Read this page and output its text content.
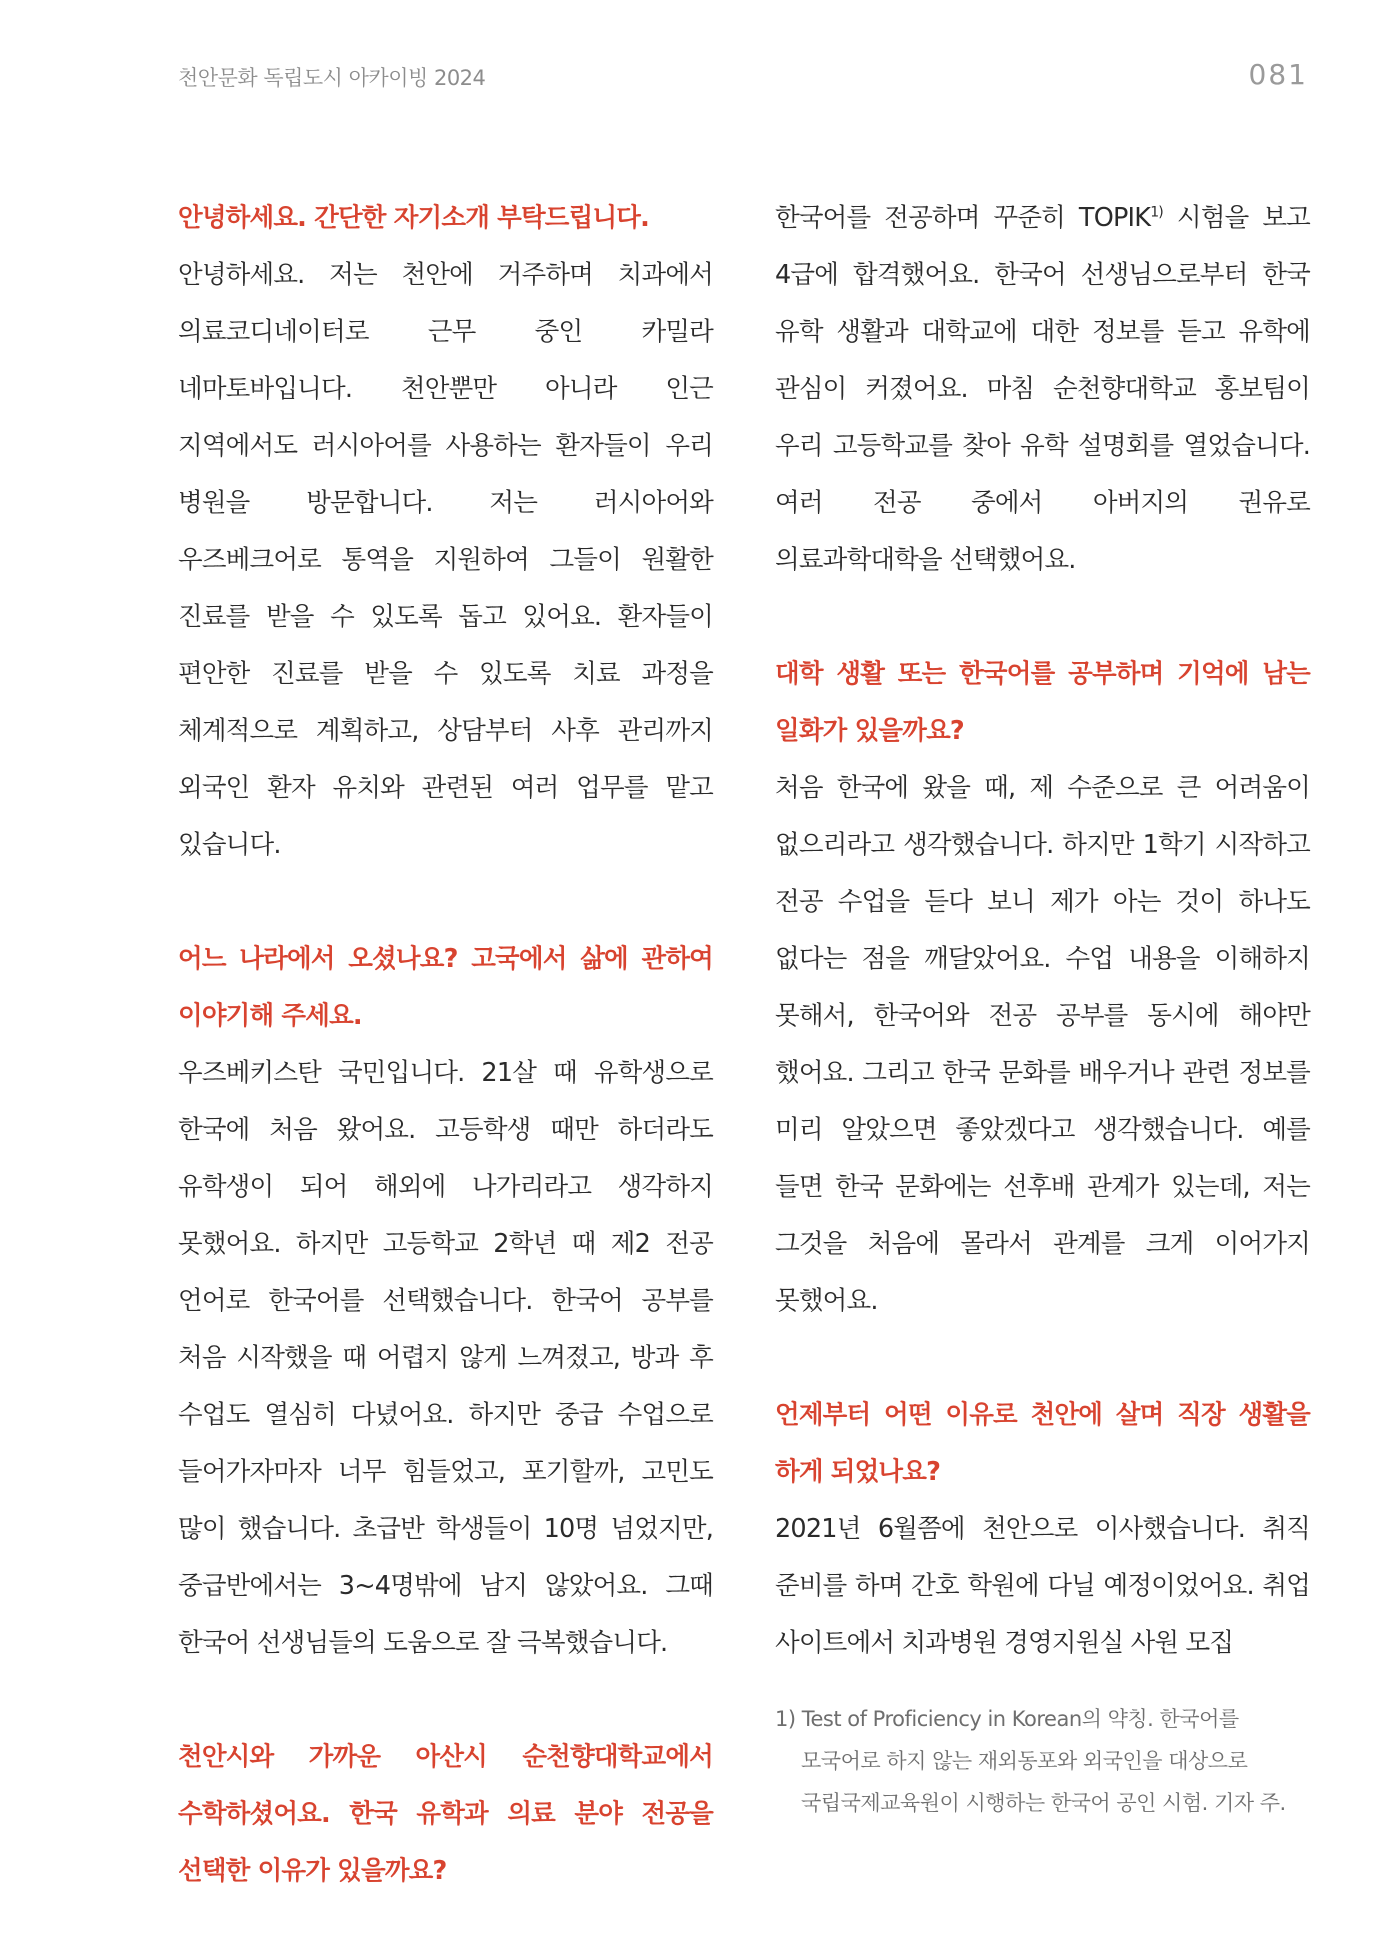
천안문화 독립도시 아카이빙 2024	081

안녕하세요. 간단한 자기소개 부탁드립니다.

안녕하세요. 저는 천안에 거주하며 치과에서 의료코디네이터로 근무 중인 카밀라 네마토바입니다. 천안뿐만 아니라 인근 지역에서도 러시아어를 사용하는 환자들이 우리 병원을 방문합니다. 저는 러시아어와 우즈베크어로 통역을 지원하여 그들이 원활한 진료를 받을 수 있도록 돕고 있어요. 환자들이 편안한 진료를 받을 수 있도록 치료 과정을 체계적으로 계획하고, 상담부터 사후 관리까지 외국인 환자 유치와 관련된 여러 업무를 맡고 있습니다.

어느 나라에서 오셨나요? 고국에서 삶에 관하여 이야기해 주세요.

우즈베키스탄 국민입니다. 21살 때 유학생으로 한국에 처음 왔어요. 고등학생 때만 하더라도 유학생이 되어 해외에 나가리라고 생각하지 못했어요. 하지만 고등학교 2학년 때 제2 전공 언어로 한국어를 선택했습니다. 한국어 공부를 처음 시작했을 때 어렵지 않게 느껴졌고, 방과 후 수업도 열심히 다녔어요. 하지만 중급 수업으로 들어가자마자 너무 힘들었고, 포기할까, 고민도 많이 했습니다. 초급반 학생들이 10명 넘었지만, 중급반에서는 3~4명밖에 남지 않았어요. 그때 한국어 선생님들의 도움으로 잘 극복했습니다.

천안시와 가까운 아산시 순천향대학교에서 수학하셨어요. 한국 유학과 의료 분야 전공을 선택한 이유가 있을까요?

한국어를 전공하며 꾸준히 TOPIK$^{1)}$ 시험을 보고 4급에 합격했어요. 한국어 선생님으로부터 한국 유학 생활과 대학교에 대한 정보를 듣고 유학에 관심이 커졌어요. 마침 순천향대학교 홍보팀이 우리 고등학교를 찾아 유학 설명회를 열었습니다. 여러 전공 중에서 아버지의 권유로 의료과학대학을 선택했어요.

대학 생활 또는 한국어를 공부하며 기억에 남는 일화가 있을까요?

처음 한국에 왔을 때, 제 수준으로 큰 어려움이 없으리라고 생각했습니다. 하지만 1학기 시작하고 전공 수업을 듣다 보니 제가 아는 것이 하나도 없다는 점을 깨달았어요. 수업 내용을 이해하지 못해서, 한국어와 전공 공부를 동시에 해야만 했어요. 그리고 한국 문화를 배우거나 관련 정보를 미리 알았으면 좋았겠다고 생각했습니다. 예를 들면 한국 문화에는 선후배 관계가 있는데, 저는 그것을 처음에 몰라서 관계를 크게 이어가지 못했어요.

언제부터 어떤 이유로 천안에 살며 직장 생활을 하게 되었나요?

2021년 6월쯤에 천안으로 이사했습니다. 취직 준비를 하며 간호 학원에 다닐 예정이었어요. 취업 사이트에서 치과병원 경영지원실 사원 모집

1) Test of Proficiency in Korean의 약칭. 한국어를
모국어로 하지 않는 재외동포와 외국인을 대상으로
국립국제교육원이 시행하는 한국어 공인 시험. 기자 주.
